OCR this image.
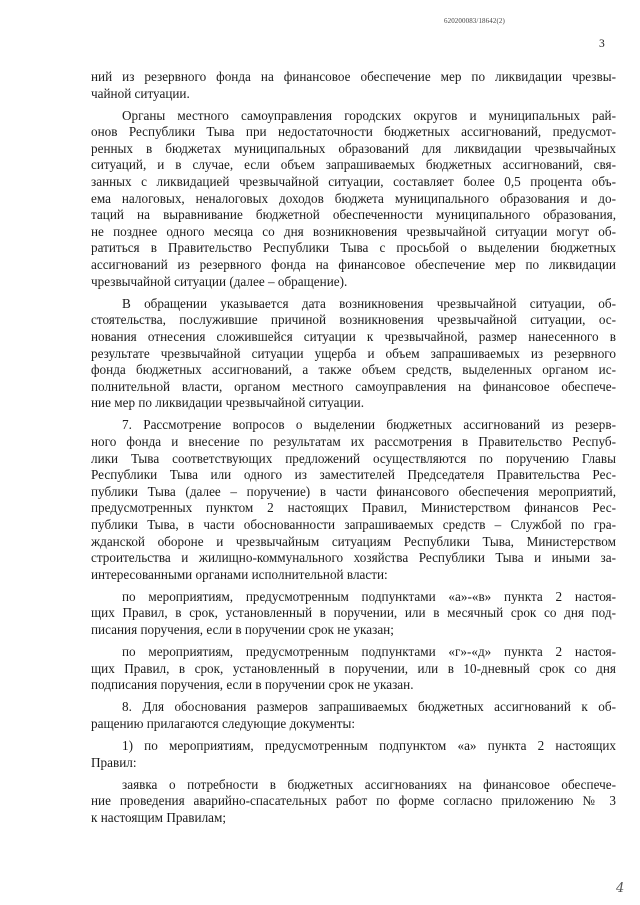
620200083/18642(2)
3
ний из резервного фонда на финансовое обеспечение мер по ликвидации чрезвы-
чайной ситуации.
Органы местного самоуправления городских округов и муниципальных рай-
онов Республики Тыва при недостаточности бюджетных ассигнований, предусмот-
ренных в бюджетах муниципальных образований для ликвидации чрезвычайных
ситуаций, и в случае, если объем запрашиваемых бюджетных ассигнований, свя-
занных с ликвидацией чрезвычайной ситуации, составляет более 0,5 процента объ-
ема налоговых, неналоговых доходов бюджета муниципального образования и до-
таций на выравнивание бюджетной обеспеченности муниципального образования,
не позднее одного месяца со дня возникновения чрезвычайной ситуации могут об-
ратиться в Правительство Республики Тыва с просьбой о выделении бюджетных
ассигнований из резервного фонда на финансовое обеспечение мер по ликвидации
чрезвычайной ситуации (далее – обращение).
В обращении указывается дата возникновения чрезвычайной ситуации, об-
стоятельства, послужившие причиной возникновения чрезвычайной ситуации, ос-
нования отнесения сложившейся ситуации к чрезвычайной, размер нанесенного в
результате чрезвычайной ситуации ущерба и объем запрашиваемых из резервного
фонда бюджетных ассигнований, а также объем средств, выделенных органом ис-
полнительной власти, органом местного самоуправления на финансовое обеспече-
ние мер по ликвидации чрезвычайной ситуации.
7. Рассмотрение вопросов о выделении бюджетных ассигнований из резерв-
ного фонда и внесение по результатам их рассмотрения в Правительство Респуб-
лики Тыва соответствующих предложений осуществляются по поручению Главы
Республики Тыва или одного из заместителей Председателя Правительства Рес-
публики Тыва (далее – поручение) в части финансового обеспечения мероприятий,
предусмотренных пунктом 2 настоящих Правил, Министерством финансов Рес-
публики Тыва, в части обоснованности запрашиваемых средств – Службой по гра-
жданской обороне и чрезвычайным ситуациям Республики Тыва, Министерством
строительства и жилищно-коммунального хозяйства Республики Тыва и иными за-
интересованными органами исполнительной власти:
по мероприятиям, предусмотренным подпунктами «а»-«в» пункта 2 настоя-
щих Правил, в срок, установленный в поручении, или в месячный срок со дня под-
писания поручения, если в поручении срок не указан;
по мероприятиям, предусмотренным подпунктами «г»-«д» пункта 2 настоя-
щих Правил, в срок, установленный в поручении, или в 10-дневный срок со дня
подписания поручения, если в поручении срок не указан.
8. Для обоснования размеров запрашиваемых бюджетных ассигнований к об-
ращению прилагаются следующие документы:
1) по мероприятиям, предусмотренным подпунктом «а» пункта 2 настоящих
Правил:
заявка о потребности в бюджетных ассигнованиях на финансовое обеспече-
ние проведения аварийно-спасательных работ по форме согласно приложению № 3
к настоящим Правилам;
4
